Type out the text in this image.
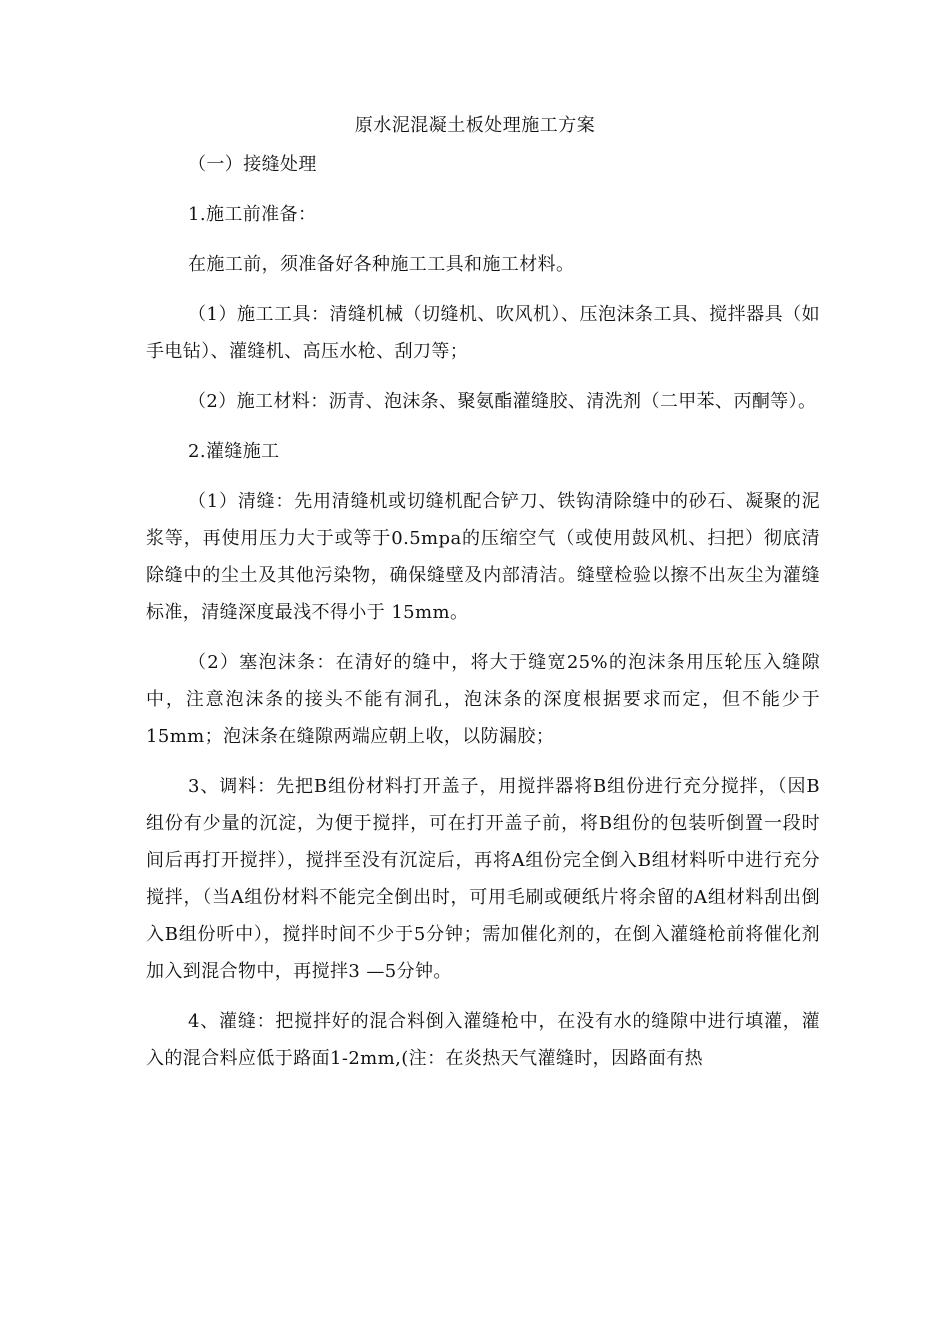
原水泥混凝土板处理施工方案

（一）接缝处理

1.施工前准备：

在施工前，须准备好各种施工工具和施工材料。

（1）施工工具：清缝机械（切缝机、吹风机）、压泡沫条工具、搅拌器具（如手电钻）、灌缝机、高压水枪、刮刀等；

（2）施工材料：沥青、泡沫条、聚氨酯灌缝胶、清洗剂（二甲苯、丙酮等）。

2.灌缝施工

（1）清缝：先用清缝机或切缝机配合铲刀、铁钩清除缝中的砂石、凝聚的泥浆等，再使用压力大于或等于0.5mpa的压缩空气（或使用鼓风机、扫把）彻底清除缝中的尘土及其他污染物，确保缝壁及内部清洁。缝壁检验以擦不出灰尘为灌缝标准，清缝深度最浅不得小于 15mm。

（2）塞泡沫条：在清好的缝中，将大于缝宽25%的泡沫条用压轮压入缝隙中，注意泡沫条的接头不能有洞孔，泡沫条的深度根据要求而定，但不能少于15mm；泡沫条在缝隙两端应朝上收，以防漏胶；

3、调料：先把B组份材料打开盖子，用搅拌器将B组份进行充分搅拌，（因B组份有少量的沉淀，为便于搅拌，可在打开盖子前，将B组份的包装听倒置一段时间后再打开搅拌），搅拌至没有沉淀后，再将A组份完全倒入B组材料听中进行充分搅拌，（当A组份材料不能完全倒出时，可用毛刷或硬纸片将余留的A组材料刮出倒入B组份听中），搅拌时间不少于5分钟；需加催化剂的，在倒入灌缝枪前将催化剂加入到混合物中，再搅拌3 —5分钟。

4、灌缝：把搅拌好的混合料倒入灌缝枪中，在没有水的缝隙中进行填灌，灌入的混合料应低于路面1-2mm,(注：在炎热天气灌缝时，因路面有热
